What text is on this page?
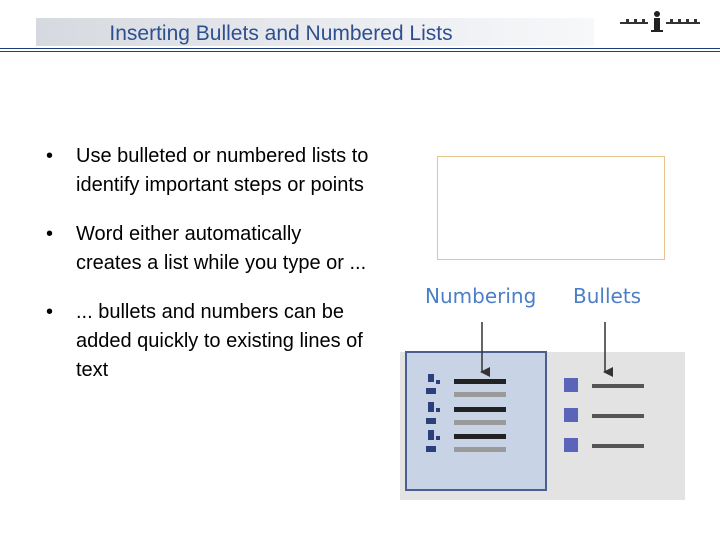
Inserting Bullets and Numbered Lists
• Use bulleted or numbered lists to identify important steps or points
• Word either automatically creates a list while you type or ...
• ... bullets and numbers can be added quickly to existing lines of text
Numbering Bullets
